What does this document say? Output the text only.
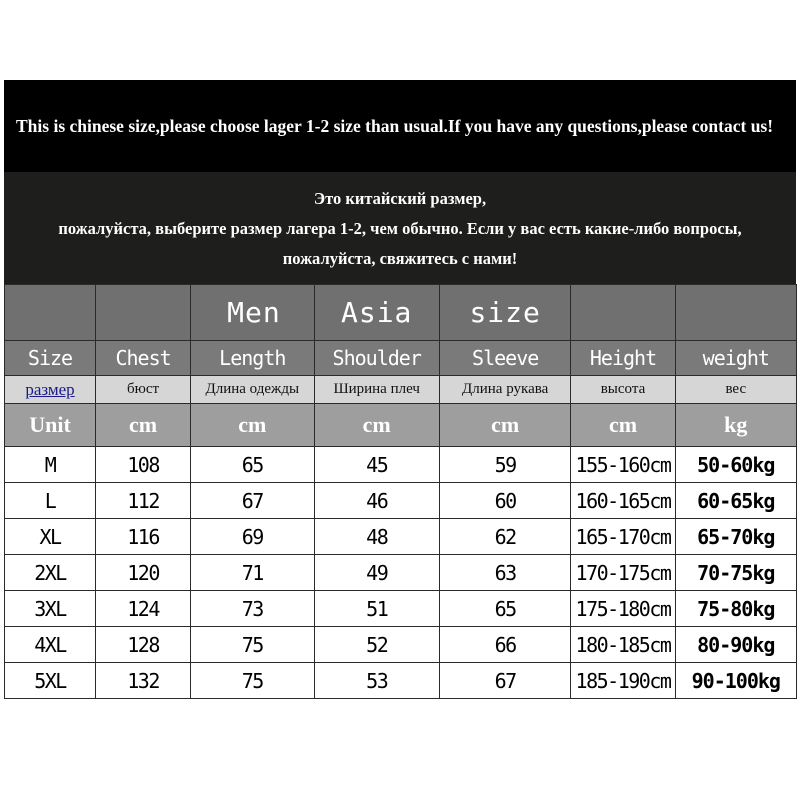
This is chinese size,please choose lager 1-2 size than usual.If you have any questions,please contact us!
Это китайский размер,
пожалуйста, выберите размер лагера 1-2, чем обычно. Если у вас есть какие-либо вопросы,
пожалуйста, свяжитесь с нами!
		Men	Asia	size		
Size	Chest	Length	Shoulder	Sleeve	Height	weight
размер	бюст	Длина одежды	Ширина плеч	Длина рукава	высота	вес
Unit	cm	cm	cm	cm	cm	kg
M	108	65	45	59	155-160cm	50-60kg
L	112	67	46	60	160-165cm	60-65kg
XL	116	69	48	62	165-170cm	65-70kg
2XL	120	71	49	63	170-175cm	70-75kg
3XL	124	73	51	65	175-180cm	75-80kg
4XL	128	75	52	66	180-185cm	80-90kg
5XL	132	75	53	67	185-190cm	90-100kg
